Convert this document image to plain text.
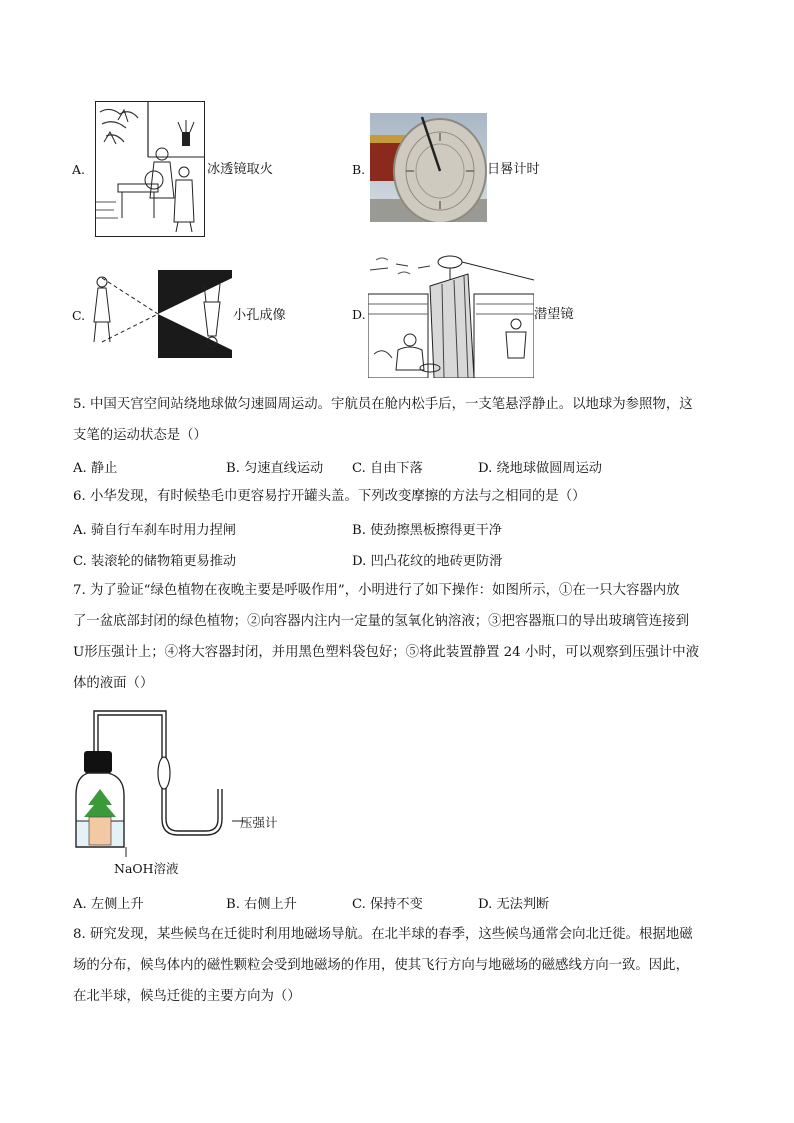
A.	冰透镜取火	B.	日晷计时
C.	小孔成像	D.	潜望镜
5. 中国天宫空间站绕地球做匀速圆周运动。宇航员在舱内松手后，一支笔悬浮静止。以地球为参照物，这
支笔的运动状态是（）
A. 静止	B. 匀速直线运动 C. 自由下落	D. 绕地球做圆周运动
6. 小华发现，有时候垫毛巾更容易拧开罐头盖。下列改变摩擦的方法与之相同的是（）
A. 骑自行车刹车时用力捏闸	B. 使劲擦黑板擦得更干净
C. 装滚轮的储物箱更易推动	D. 凹凸花纹的地砖更防滑
7. 为了验证“绿色植物在夜晚主要是呼吸作用”，小明进行了如下操作：如图所示，①在一只大容器内放
了一盆底部封闭的绿色植物；②向容器内注内一定量的氢氧化钠溶液；③把容器瓶口的导出玻璃管连接到
U形压强计上；④将大容器封闭，并用黑色塑料袋包好；⑤将此装置静置 24 小时，可以观察到压强计中液
体的液面（）
压强计
NaOH溶液
A. 左侧上升	B. 右侧上升	C. 保持不变	D. 无法判断
8. 研究发现，某些候鸟在迁徙时利用地磁场导航。在北半球的春季，这些候鸟通常会向北迁徙。根据地磁
场的分布，候鸟体内的磁性颗粒会受到地磁场的作用，使其飞行方向与地磁场的磁感线方向一致。因此，
在北半球，候鸟迁徙的主要方向为（）
